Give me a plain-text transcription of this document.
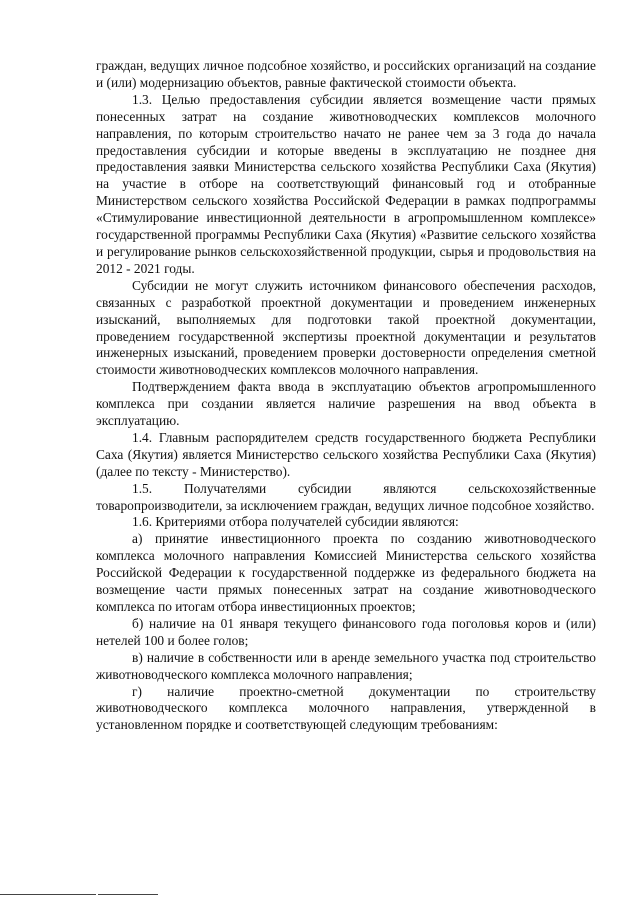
граждан, ведущих личное подсобное хозяйство, и российских организаций на создание и (или) модернизацию объектов, равные фактической стоимости объекта.

1.3. Целью предоставления субсидии является возмещение части прямых понесенных затрат на создание животноводческих комплексов молочного направления, по которым строительство начато не ранее чем за 3 года до начала предоставления субсидии и которые введены в эксплуатацию не позднее дня предоставления заявки Министерства сельского хозяйства Республики Саха (Якутия) на участие в отборе на соответствующий финансовый год и отобранные Министерством сельского хозяйства Российской Федерации в рамках подпрограммы «Стимулирование инвестиционной деятельности в агропромышленном комплексе» государственной программы Республики Саха (Якутия) «Развитие сельского хозяйства и регулирование рынков сельскохозяйственной продукции, сырья и продовольствия на 2012 - 2021 годы.

Субсидии не могут служить источником финансового обеспечения расходов, связанных с разработкой проектной документации и проведением инженерных изысканий, выполняемых для подготовки такой проектной документации, проведением государственной экспертизы проектной документации и результатов инженерных изысканий, проведением проверки достоверности определения сметной стоимости животноводческих комплексов молочного направления.

Подтверждением факта ввода в эксплуатацию объектов агропромышленного комплекса при создании является наличие разрешения на ввод объекта в эксплуатацию.

1.4. Главным распорядителем средств государственного бюджета Республики Саха (Якутия) является Министерство сельского хозяйства Республики Саха (Якутия) (далее по тексту - Министерство).

1.5. Получателями субсидии являются сельскохозяйственные товаропроизводители, за исключением граждан, ведущих личное подсобное хозяйство.

1.6. Критериями отбора получателей субсидии являются:

а) принятие инвестиционного проекта по созданию животноводческого комплекса молочного направления Комиссией Министерства сельского хозяйства Российской Федерации к государственной поддержке из федерального бюджета на возмещение части прямых понесенных затрат на создание животноводческого комплекса по итогам отбора инвестиционных проектов;

б) наличие на 01 января текущего финансового года поголовья коров и (или) нетелей 100 и более голов;

в) наличие в собственности или в аренде земельного участка под строительство животноводческого комплекса молочного направления;

г) наличие проектно-сметной документации по строительству животноводческого комплекса молочного направления, утвержденной в установленном порядке и соответствующей следующим требованиям:
